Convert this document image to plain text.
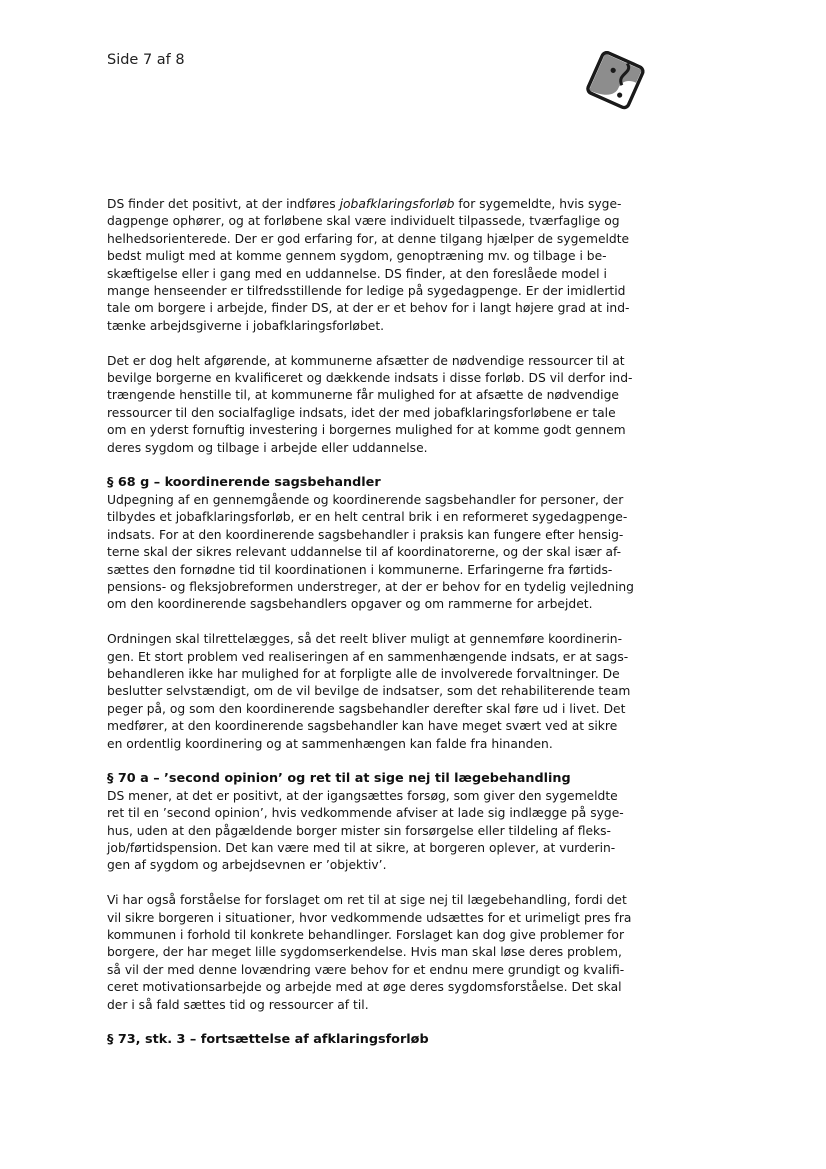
Side 7 af 8

DS finder det positivt, at der indføres jobafklaringsforløb for sygemeldte, hvis syge-
dagpenge ophører, og at forløbene skal være individuelt tilpassede, tværfaglige og
helhedsorienterede. Der er god erfaring for, at denne tilgang hjælper de sygemeldte
bedst muligt med at komme gennem sygdom, genoptræning mv. og tilbage i be-
skæftigelse eller i gang med en uddannelse. DS finder, at den foreslåede model i
mange henseender er tilfredsstillende for ledige på sygedagpenge. Er der imidlertid
tale om borgere i arbejde, finder DS, at der er et behov for i langt højere grad at ind-
tænke arbejdsgiverne i jobafklaringsforløbet.

Det er dog helt afgørende, at kommunerne afsætter de nødvendige ressourcer til at
bevilge borgerne en kvalificeret og dækkende indsats i disse forløb. DS vil derfor ind-
trængende henstille til, at kommunerne får mulighed for at afsætte de nødvendige
ressourcer til den socialfaglige indsats, idet der med jobafklaringsforløbene er tale
om en yderst fornuftig investering i borgernes mulighed for at komme godt gennem
deres sygdom og tilbage i arbejde eller uddannelse.

§ 68 g – koordinerende sagsbehandler

Udpegning af en gennemgående og koordinerende sagsbehandler for personer, der
tilbydes et jobafklaringsforløb, er en helt central brik i en reformeret sygedagpenge-
indsats. For at den koordinerende sagsbehandler i praksis kan fungere efter hensig-
terne skal der sikres relevant uddannelse til af koordinatorerne, og der skal især af-
sættes den fornødne tid til koordinationen i kommunerne. Erfaringerne fra førtids-
pensions- og fleksjobreformen understreger, at der er behov for en tydelig vejledning
om den koordinerende sagsbehandlers opgaver og om rammerne for arbejdet.

Ordningen skal tilrettelægges, så det reelt bliver muligt at gennemføre koordinerin-
gen. Et stort problem ved realiseringen af en sammenhængende indsats, er at sags-
behandleren ikke har mulighed for at forpligte alle de involverede forvaltninger. De
beslutter selvstændigt, om de vil bevilge de indsatser, som det rehabiliterende team
peger på, og som den koordinerende sagsbehandler derefter skal føre ud i livet. Det
medfører, at den koordinerende sagsbehandler kan have meget svært ved at sikre
en ordentlig koordinering og at sammenhængen kan falde fra hinanden.

§ 70 a – ’second opinion’ og ret til at sige nej til lægebehandling

DS mener, at det er positivt, at der igangsættes forsøg, som giver den sygemeldte
ret til en ’second opinion’, hvis vedkommende afviser at lade sig indlægge på syge-
hus, uden at den pågældende borger mister sin forsørgelse eller tildeling af fleks-
job/førtidspension. Det kan være med til at sikre, at borgeren oplever, at vurderin-
gen af sygdom og arbejdsevnen er ’objektiv’.

Vi har også forståelse for forslaget om ret til at sige nej til lægebehandling, fordi det
vil sikre borgeren i situationer, hvor vedkommende udsættes for et urimeligt pres fra
kommunen i forhold til konkrete behandlinger. Forslaget kan dog give problemer for
borgere, der har meget lille sygdomserkendelse. Hvis man skal løse deres problem,
så vil der med denne lovændring være behov for et endnu mere grundigt og kvalifi-
ceret motivationsarbejde og arbejde med at øge deres sygdomsforståelse. Det skal
der i så fald sættes tid og ressourcer af til.

§ 73, stk. 3 – fortsættelse af afklaringsforløb
